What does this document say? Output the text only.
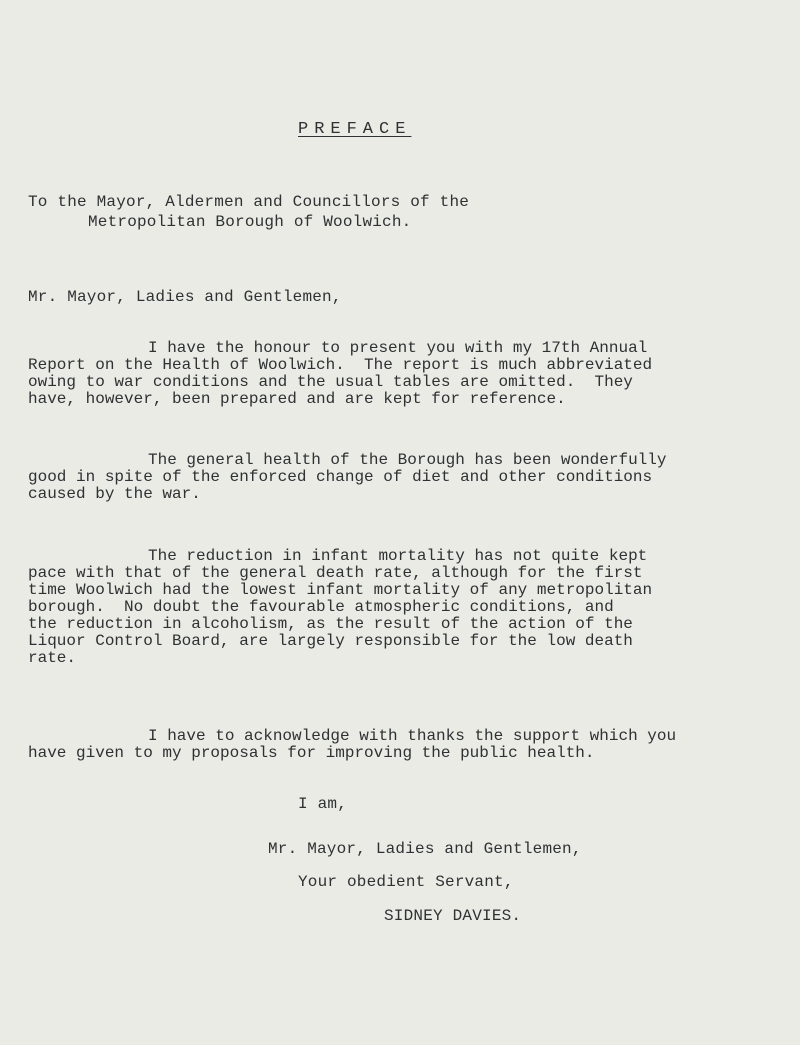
PREFACE
To the Mayor, Aldermen and Councillors of the
Metropolitan Borough of Woolwich.
Mr. Mayor, Ladies and Gentlemen,

I have the honour to present you with my 17th Annual

Report on the Health of Woolwich.  The report is much abbreviated

owing to war conditions and the usual tables are omitted.  They

have, however, been prepared and are kept for reference.

The general health of the Borough has been wonderfully

good in spite of the enforced change of diet and other conditions

caused by the war.

The reduction in infant mortality has not quite kept

pace with that of the general death rate, although for the first

time Woolwich had the lowest infant mortality of any metropolitan

borough.  No doubt the favourable atmospheric conditions, and

the reduction in alcoholism, as the result of the action of the

Liquor Control Board, are largely responsible for the low death

rate.

I have to acknowledge with thanks the support which you

have given to my proposals for improving the public health.

I am,
Mr. Mayor, Ladies and Gentlemen,
Your obedient Servant,
SIDNEY DAVIES.
